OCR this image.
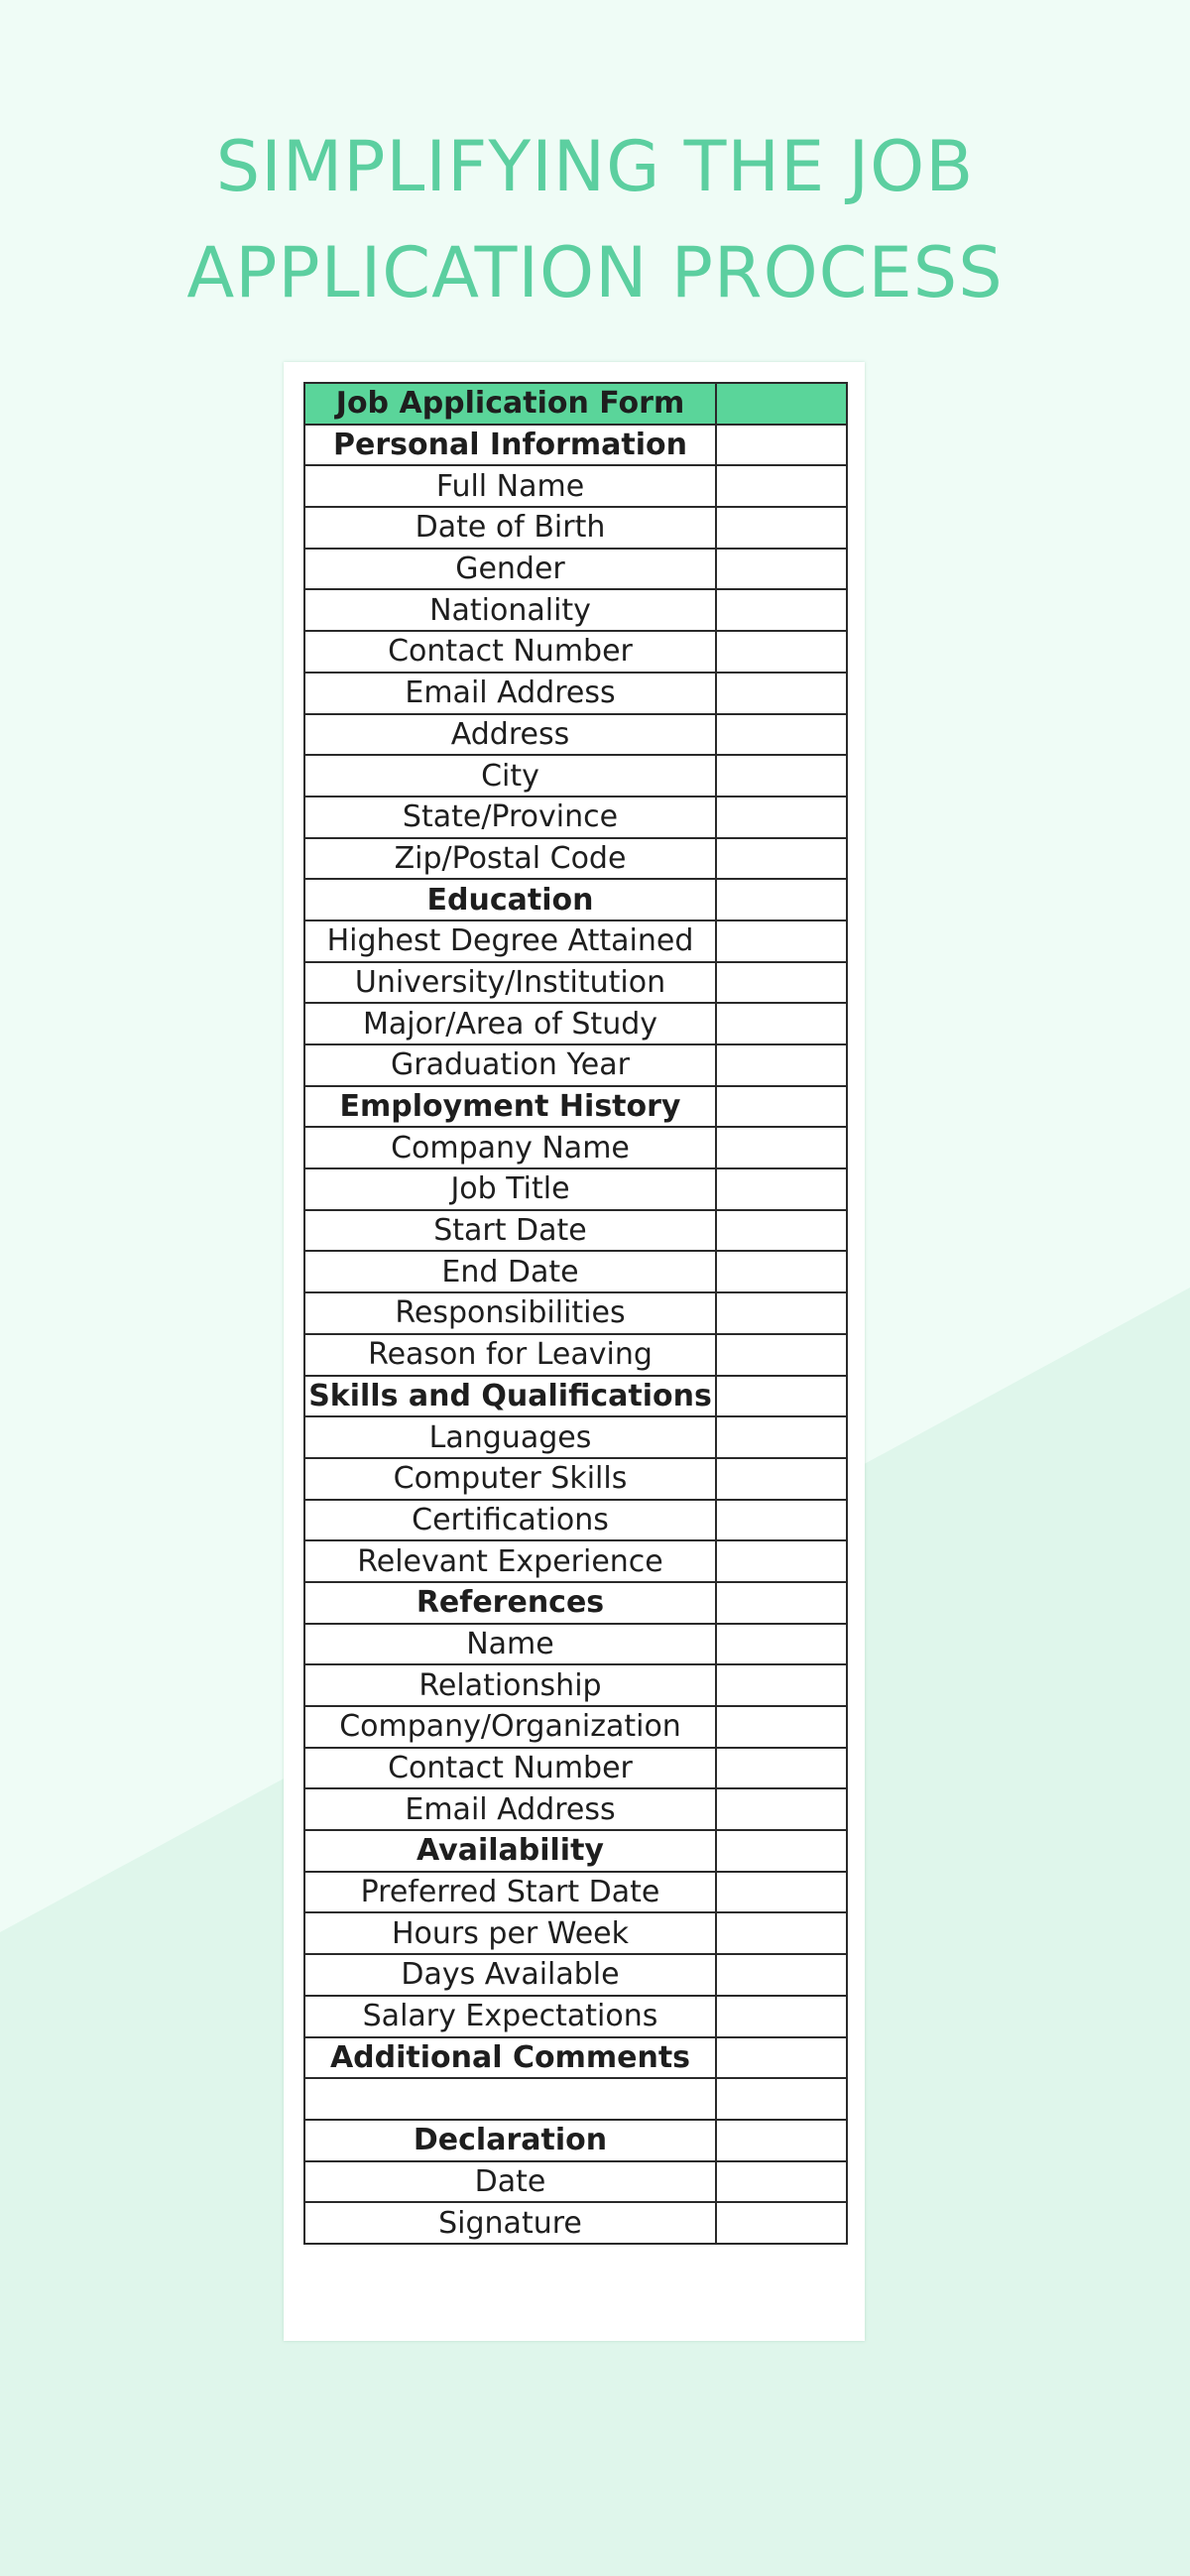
SIMPLIFYING THE JOB
APPLICATION PROCESS
Job Application Form	
Personal Information	
Full Name	
Date of Birth	
Gender	
Nationality	
Contact Number	
Email Address	
Address	
City	
State/Province	
Zip/Postal Code	
Education	
Highest Degree Attained	
University/Institution	
Major/Area of Study	
Graduation Year	
Employment History	
Company Name	
Job Title	
Start Date	
End Date	
Responsibilities	
Reason for Leaving	
Skills and Qualifications	
Languages	
Computer Skills	
Certifications	
Relevant Experience	
References	
Name	
Relationship	
Company/Organization	
Contact Number	
Email Address	
Availability	
Preferred Start Date	
Hours per Week	
Days Available	
Salary Expectations	
Additional Comments	

Declaration	
Date	
Signature	
